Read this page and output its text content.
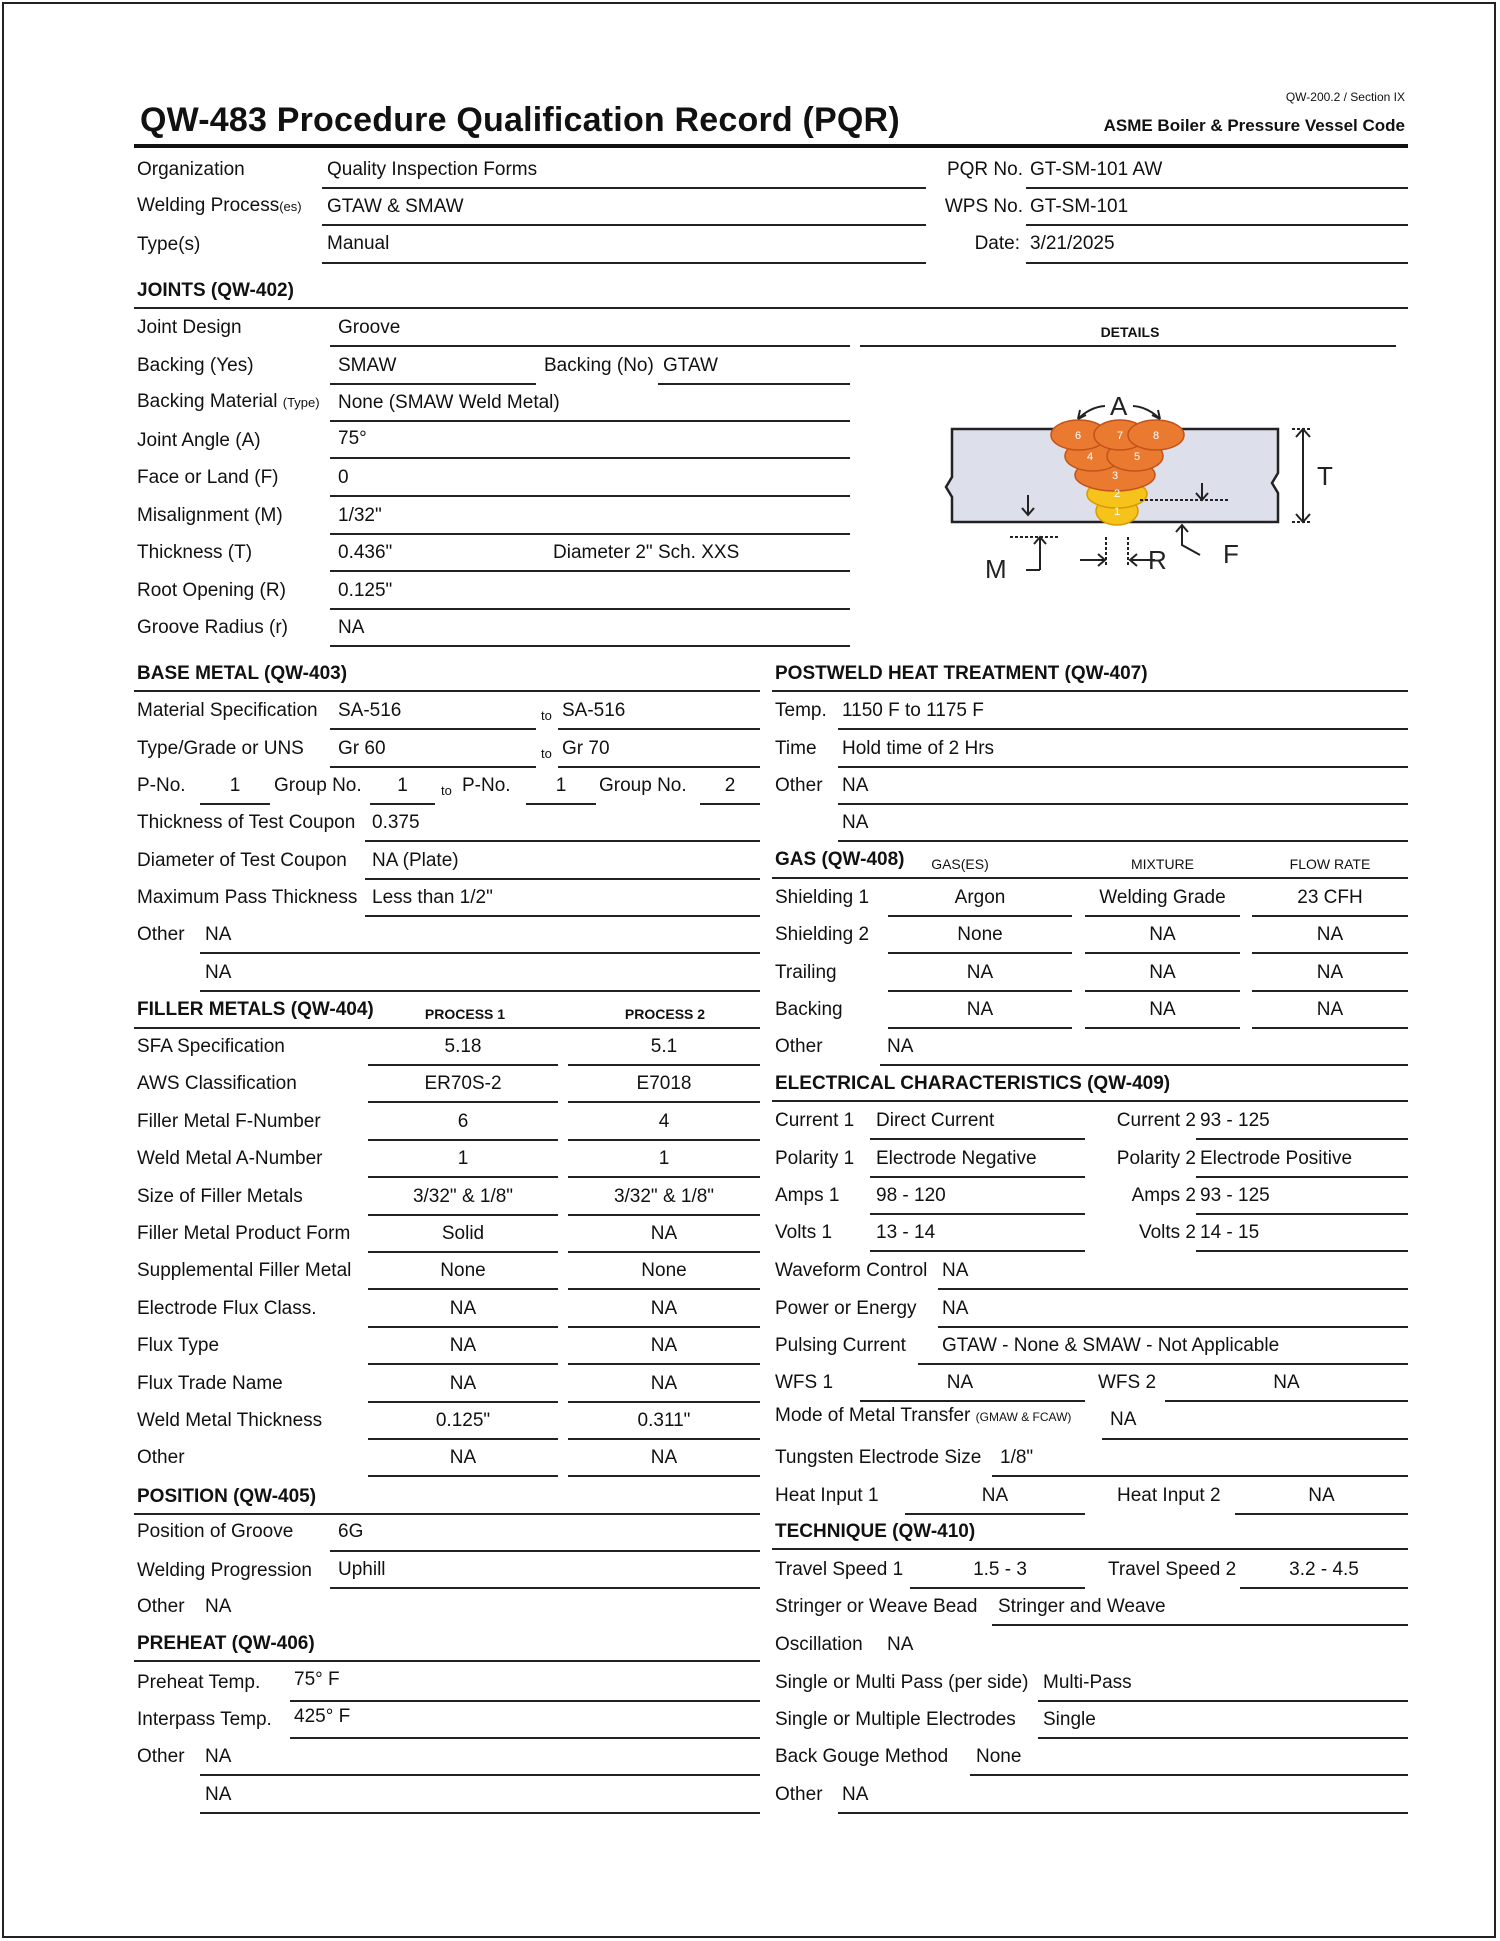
QW-200.2 / Section IX
QW-483 Procedure Qualification Record (PQR)	ASME Boiler & Pressure Vessel Code
Organization	Quality Inspection Forms
Welding Process(es) GTAW & SMAW
Type(s)	Manual
PQR No. GT-SM-101 AW
WPS No. GT-SM-101
Date: 3/21/2025
JOINTS (QW-402)
DETAILS
Joint Design	Groove
Backing (Yes)	SMAW	Backing (No) GTAW
Backing Material (Type) None (SMAW Weld Metal)
Joint Angle (A)	75°
Face or Land (F)	0
Misalignment (M)	1/32"
Thickness (T)	0.436"	Diameter 2" Sch. XXS
Root Opening (R)	0.125"
Groove Radius (r)	NA
1
2
3
4	5
6	7	8
A
T
M	R F
BASE METAL (QW-403)
Material Specification SA-516	to SA-516
Type/Grade or UNS Gr 60	to Gr 70
P-No.	1	Group No.	1	to P-No.	1	Group No.	2
Thickness of Test Coupon 0.375
Diameter of Test Coupon NA (Plate)
Maximum Pass Thickness Less than 1/2"
Other NA
NA
FILLER METALS (QW-404)	PROCESS 1	PROCESS 2
SFA Specification	5.18	5.1
AWS Classification	ER70S-2	E7018
Filler Metal F-Number	6	4
Weld Metal A-Number	1	1
Size of Filler Metals	3/32" & 1/8"	3/32" & 1/8"
Filler Metal Product Form	Solid	NA
Supplemental Filler Metal	None	None
Electrode Flux Class.	NA	NA
Flux Type	NA	NA
Flux Trade Name	NA	NA
Weld Metal Thickness	0.125"	0.311"
Other	NA	NA
POSITION (QW-405)
Position of Groove 6G
Welding Progression Uphill
Other NA
PREHEAT (QW-406)
Preheat Temp. 75° F
Interpass Temp. 425° F
Other NA
NA
POSTWELD HEAT TREATMENT (QW-407)
Temp. 1150 F to 1175 F
Time Hold time of 2 Hrs
Other NA
NA
GAS (QW-408)	GAS(ES)	MIXTURE	FLOW RATE
Shielding 1	Argon	Welding Grade	23 CFH
Shielding 2	None	NA	NA
Trailing	NA	NA	NA
Backing	NA	NA	NA
Other	NA
ELECTRICAL CHARACTERISTICS (QW-409)
Current 1 Direct Current	Current 2 93 - 125
Polarity 1 Electrode Negative	Polarity 2 Electrode Positive
Amps 1 98 - 120	Amps 2 93 - 125
Volts 1 13 - 14	Volts 2 14 - 15
Waveform Control NA
Power or Energy NA
Pulsing Current GTAW - None & SMAW - Not Applicable
WFS 1	NA	WFS 2	NA
Mode of Metal Transfer (GMAW & FCAW) NA
Tungsten Electrode Size 1/8"
Heat Input 1	NA	Heat Input 2	NA
TECHNIQUE (QW-410)
Travel Speed 1	1.5 - 3	Travel Speed 2	3.2 - 4.5
Stringer or Weave Bead Stringer and Weave
Oscillation NA
Single or Multi Pass (per side) Multi-Pass
Single or Multiple Electrodes Single
Back Gouge Method None
Other NA
